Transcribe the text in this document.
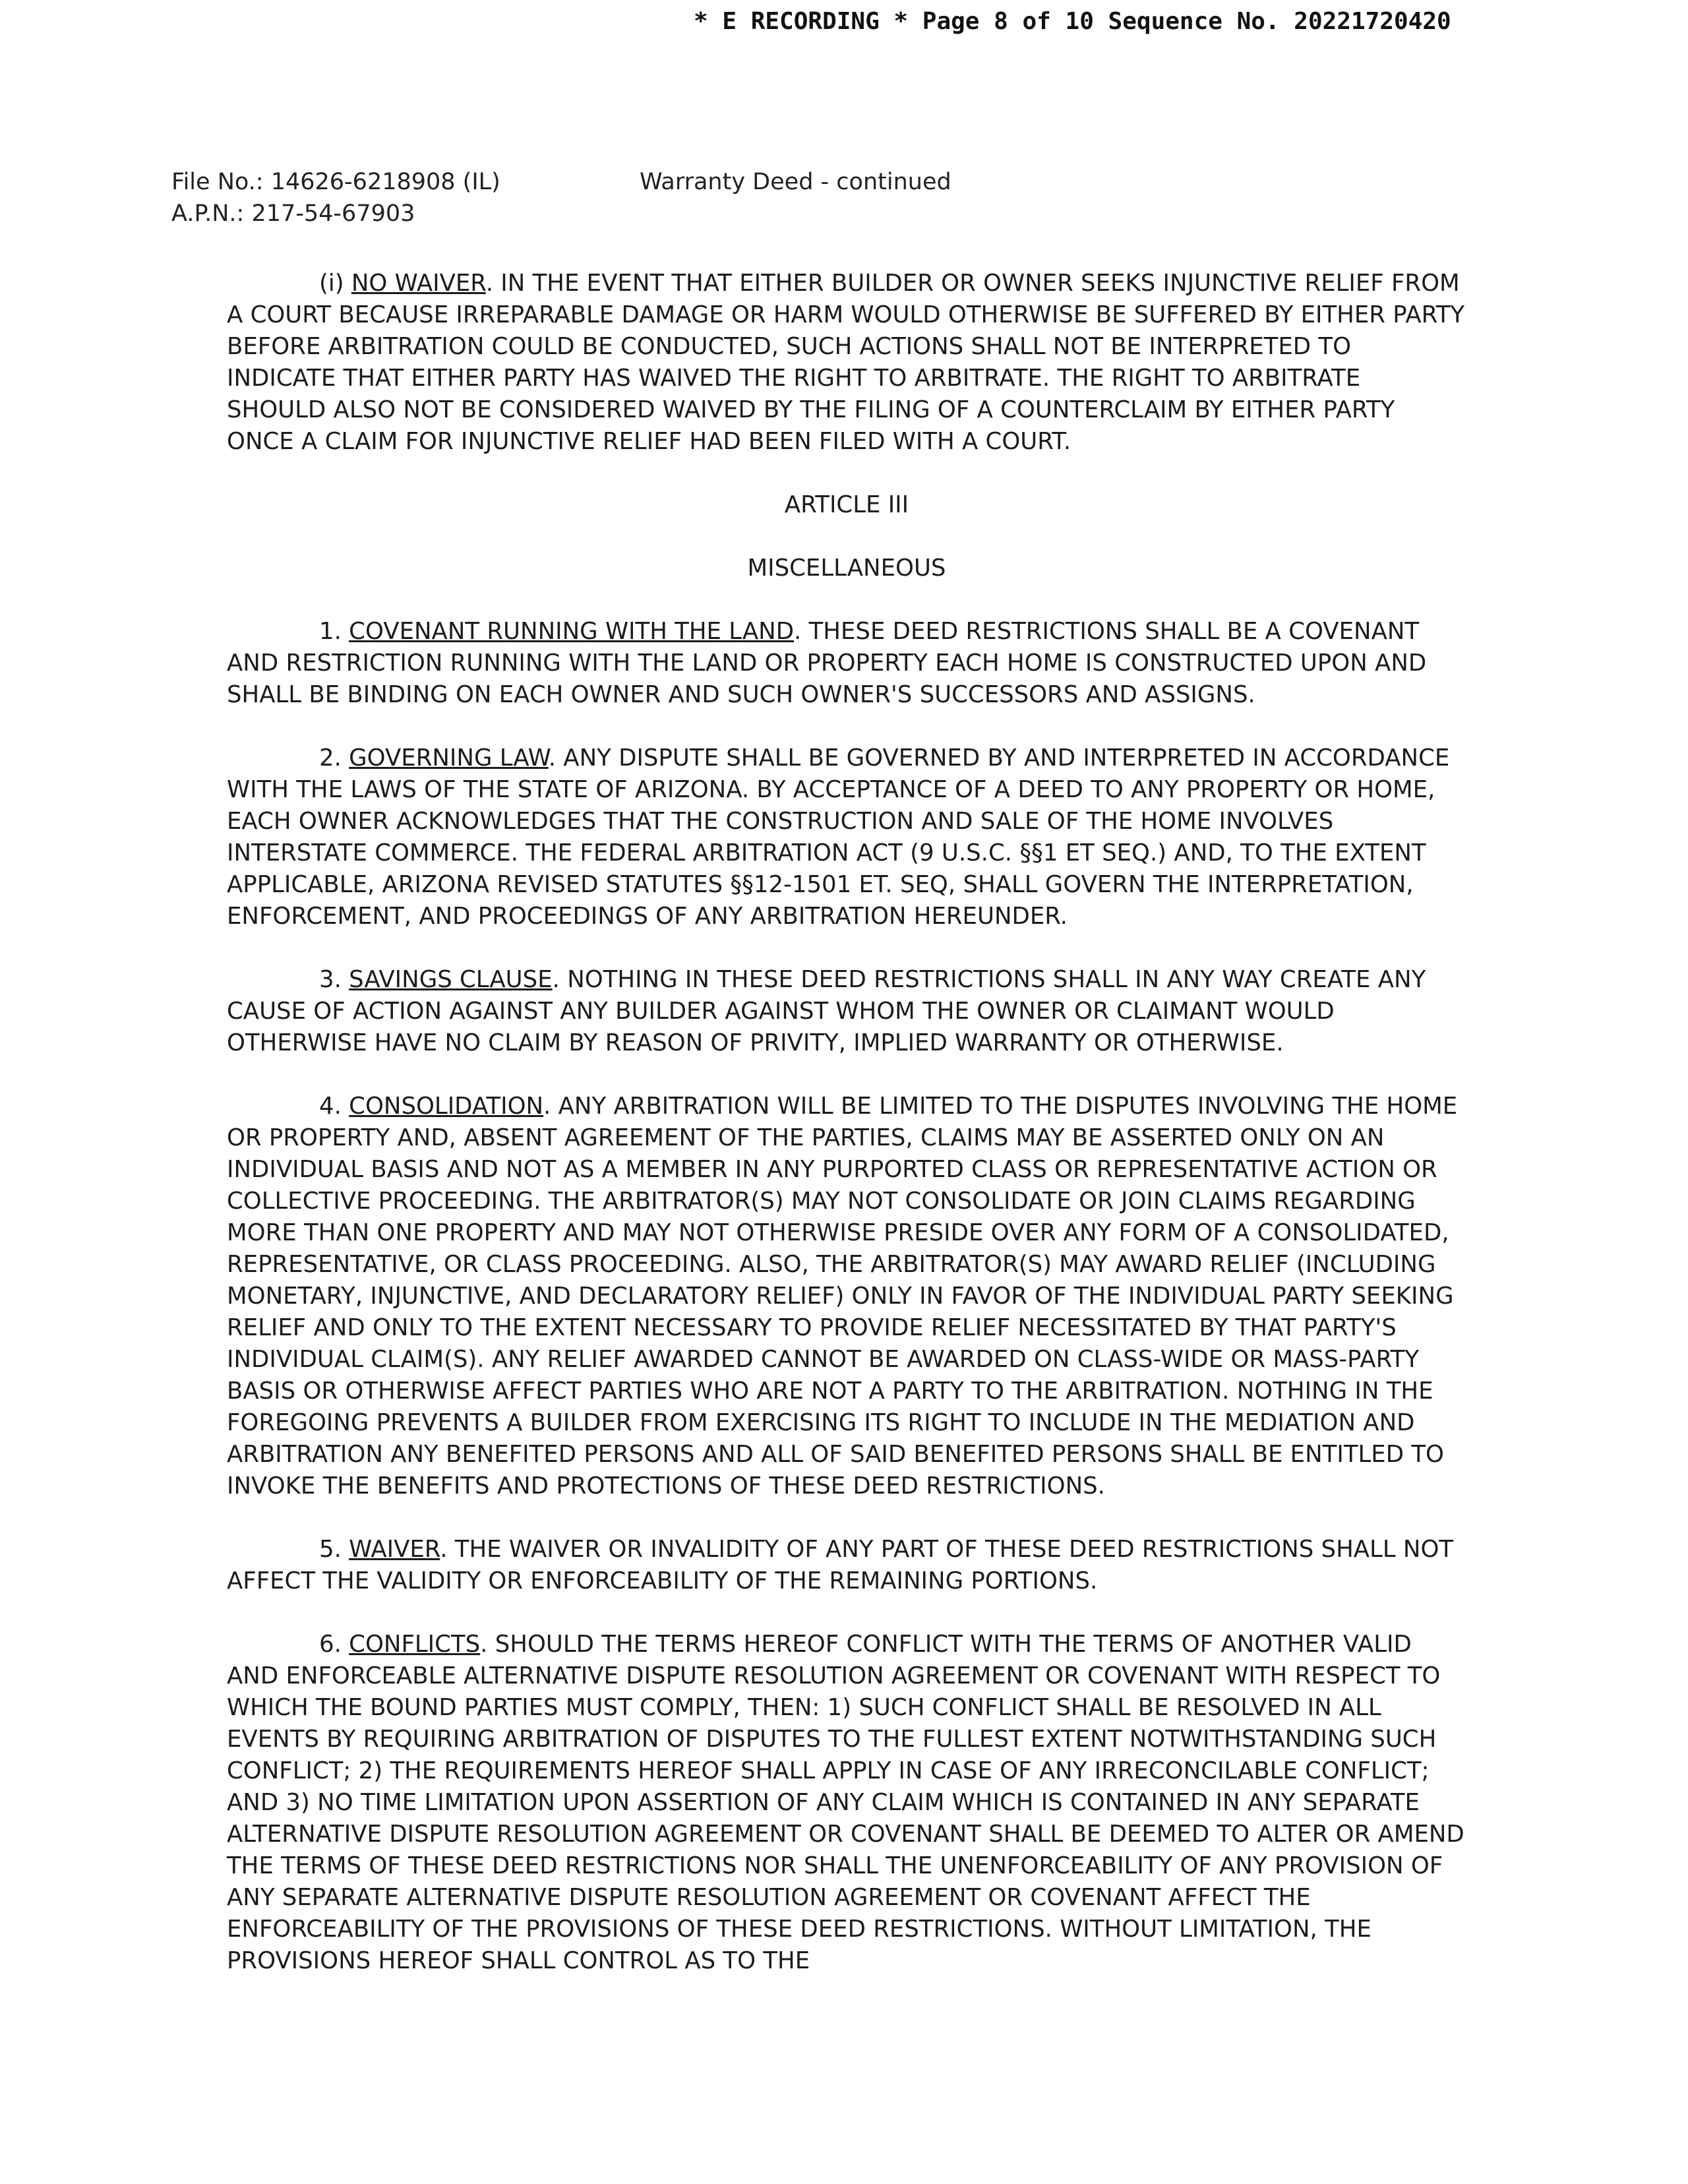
* E RECORDING * Page 8 of 10 Sequence No. 20221720420
File No.: 14626-6218908 (IL)	Warranty Deed - continued
A.P.N.: 217-54-67903

(i) NO WAIVER. IN THE EVENT THAT EITHER BUILDER OR OWNER SEEKS INJUNCTIVE RELIEF FROM A COURT BECAUSE IRREPARABLE DAMAGE OR HARM WOULD OTHERWISE BE SUFFERED BY EITHER PARTY BEFORE ARBITRATION COULD BE CONDUCTED, SUCH ACTIONS SHALL NOT BE INTERPRETED TO INDICATE THAT EITHER PARTY HAS WAIVED THE RIGHT TO ARBITRATE. THE RIGHT TO ARBITRATE SHOULD ALSO NOT BE CONSIDERED WAIVED BY THE FILING OF A COUNTERCLAIM BY EITHER PARTY ONCE A CLAIM FOR INJUNCTIVE RELIEF HAD BEEN FILED WITH A COURT.

ARTICLE III
MISCELLANEOUS

1. COVENANT RUNNING WITH THE LAND. THESE DEED RESTRICTIONS SHALL BE A COVENANT AND RESTRICTION RUNNING WITH THE LAND OR PROPERTY EACH HOME IS CONSTRUCTED UPON AND SHALL BE BINDING ON EACH OWNER AND SUCH OWNER'S SUCCESSORS AND ASSIGNS.

2. GOVERNING LAW. ANY DISPUTE SHALL BE GOVERNED BY AND INTERPRETED IN ACCORDANCE WITH THE LAWS OF THE STATE OF ARIZONA. BY ACCEPTANCE OF A DEED TO ANY PROPERTY OR HOME, EACH OWNER ACKNOWLEDGES THAT THE CONSTRUCTION AND SALE OF THE HOME INVOLVES INTERSTATE COMMERCE. THE FEDERAL ARBITRATION ACT (9 U.S.C. §§1 ET SEQ.) AND, TO THE EXTENT APPLICABLE, ARIZONA REVISED STATUTES §§12-1501 ET. SEQ, SHALL GOVERN THE INTERPRETATION, ENFORCEMENT, AND PROCEEDINGS OF ANY ARBITRATION HEREUNDER.

3. SAVINGS CLAUSE. NOTHING IN THESE DEED RESTRICTIONS SHALL IN ANY WAY CREATE ANY CAUSE OF ACTION AGAINST ANY BUILDER AGAINST WHOM THE OWNER OR CLAIMANT WOULD OTHERWISE HAVE NO CLAIM BY REASON OF PRIVITY, IMPLIED WARRANTY OR OTHERWISE.

4. CONSOLIDATION. ANY ARBITRATION WILL BE LIMITED TO THE DISPUTES INVOLVING THE HOME OR PROPERTY AND, ABSENT AGREEMENT OF THE PARTIES, CLAIMS MAY BE ASSERTED ONLY ON AN INDIVIDUAL BASIS AND NOT AS A MEMBER IN ANY PURPORTED CLASS OR REPRESENTATIVE ACTION OR COLLECTIVE PROCEEDING. THE ARBITRATOR(S) MAY NOT CONSOLIDATE OR JOIN CLAIMS REGARDING MORE THAN ONE PROPERTY AND MAY NOT OTHERWISE PRESIDE OVER ANY FORM OF A CONSOLIDATED, REPRESENTATIVE, OR CLASS PROCEEDING. ALSO, THE ARBITRATOR(S) MAY AWARD RELIEF (INCLUDING MONETARY, INJUNCTIVE, AND DECLARATORY RELIEF) ONLY IN FAVOR OF THE INDIVIDUAL PARTY SEEKING RELIEF AND ONLY TO THE EXTENT NECESSARY TO PROVIDE RELIEF NECESSITATED BY THAT PARTY'S INDIVIDUAL CLAIM(S). ANY RELIEF AWARDED CANNOT BE AWARDED ON CLASS-WIDE OR MASS-PARTY BASIS OR OTHERWISE AFFECT PARTIES WHO ARE NOT A PARTY TO THE ARBITRATION. NOTHING IN THE FOREGOING PREVENTS A BUILDER FROM EXERCISING ITS RIGHT TO INCLUDE IN THE MEDIATION AND ARBITRATION ANY BENEFITED PERSONS AND ALL OF SAID BENEFITED PERSONS SHALL BE ENTITLED TO INVOKE THE BENEFITS AND PROTECTIONS OF THESE DEED RESTRICTIONS.

5. WAIVER. THE WAIVER OR INVALIDITY OF ANY PART OF THESE DEED RESTRICTIONS SHALL NOT AFFECT THE VALIDITY OR ENFORCEABILITY OF THE REMAINING PORTIONS.

6. CONFLICTS. SHOULD THE TERMS HEREOF CONFLICT WITH THE TERMS OF ANOTHER VALID AND ENFORCEABLE ALTERNATIVE DISPUTE RESOLUTION AGREEMENT OR COVENANT WITH RESPECT TO WHICH THE BOUND PARTIES MUST COMPLY, THEN: 1) SUCH CONFLICT SHALL BE RESOLVED IN ALL EVENTS BY REQUIRING ARBITRATION OF DISPUTES TO THE FULLEST EXTENT NOTWITHSTANDING SUCH CONFLICT; 2) THE REQUIREMENTS HEREOF SHALL APPLY IN CASE OF ANY IRRECONCILABLE CONFLICT; AND 3) NO TIME LIMITATION UPON ASSERTION OF ANY CLAIM WHICH IS CONTAINED IN ANY SEPARATE ALTERNATIVE DISPUTE RESOLUTION AGREEMENT OR COVENANT SHALL BE DEEMED TO ALTER OR AMEND THE TERMS OF THESE DEED RESTRICTIONS NOR SHALL THE UNENFORCEABILITY OF ANY PROVISION OF ANY SEPARATE ALTERNATIVE DISPUTE RESOLUTION AGREEMENT OR COVENANT AFFECT THE ENFORCEABILITY OF THE PROVISIONS OF THESE DEED RESTRICTIONS. WITHOUT LIMITATION, THE PROVISIONS HEREOF SHALL CONTROL AS TO THE
